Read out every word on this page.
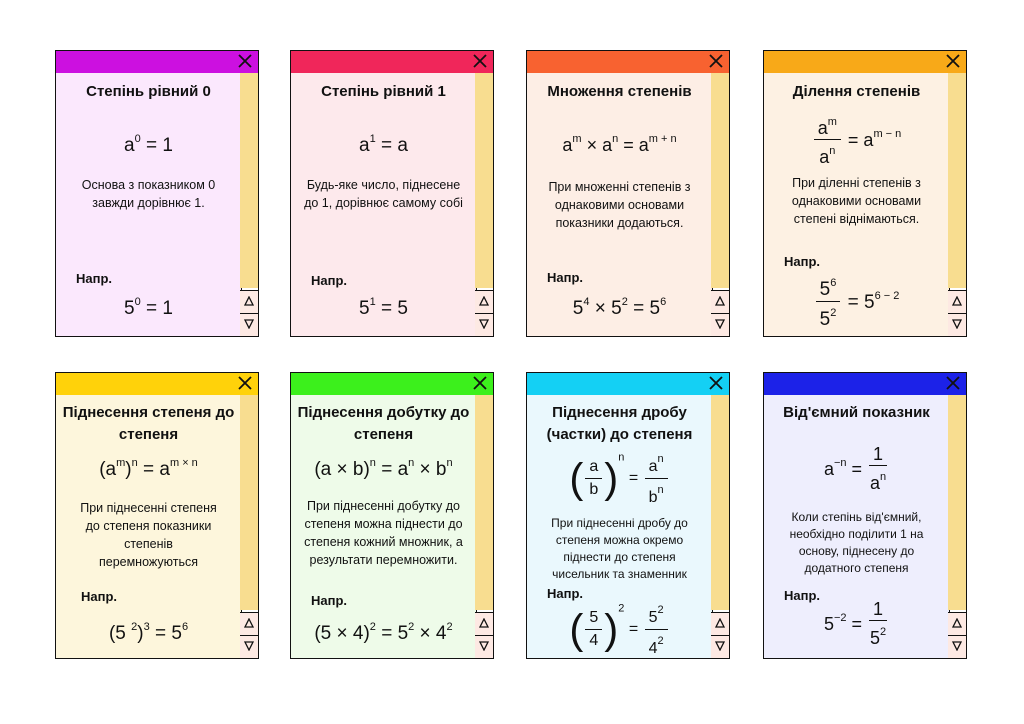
Степінь рівний 0
$a^0 = 1$
Основа з показником 0 завжди дорівнює 1.
Напр.
$5^0 = 1$
Степінь рівний 1
$a^1 = a$
Будь-яке число, піднесене до 1, дорівнює самому собі
Напр.
$5^1 = 5$
Множення степенів
$a^m \times a^n = a^{m + n}$
При множенні степенів з однаковими основами показники додаються.
Напр.
$5^4 \times 5^2 = 5^6$
Ділення степенів
$\frac{a^m}{a^n} = a^{m - n}$
При діленні степенів з однаковими основами степені віднімаються.
Напр.
$\frac{5^6}{5^2} = 5^{6 - 2}$
Піднесення степеня до степеня
$(a^m)^n = a^{m \times n}$
При піднесенні степеня до степеня показники степенів перемножуються
Напр.
(5 $^2)^3 = 5^6$
Піднесення добутку до степеня
$(a \times b)^n = a^n \times b^n$
При піднесенні добутку до степеня можна піднести до степеня кожний множник, а результати перемножити.
Напр.
$(5 \times 4)^2 = 5^2 \times 4^2$
Піднесення дробу (частки) до степеня
( $\frac{a}{b} )^n = \frac{a^n}{b^n}$
При піднесенні дробу до степеня можна окремо піднести до степеня чисельник та знаменник
Напр.
( $\frac{5}{4} )^2 = \frac{5^2}{4^2}$
Від'ємний показник
$a^{-n} = \frac{1}{a^n}$
Коли степінь від'ємний, необхідно поділити 1 на основу, піднесену до додатного степеня
Напр.
$5^{-2} = \frac{1}{5^2}$
